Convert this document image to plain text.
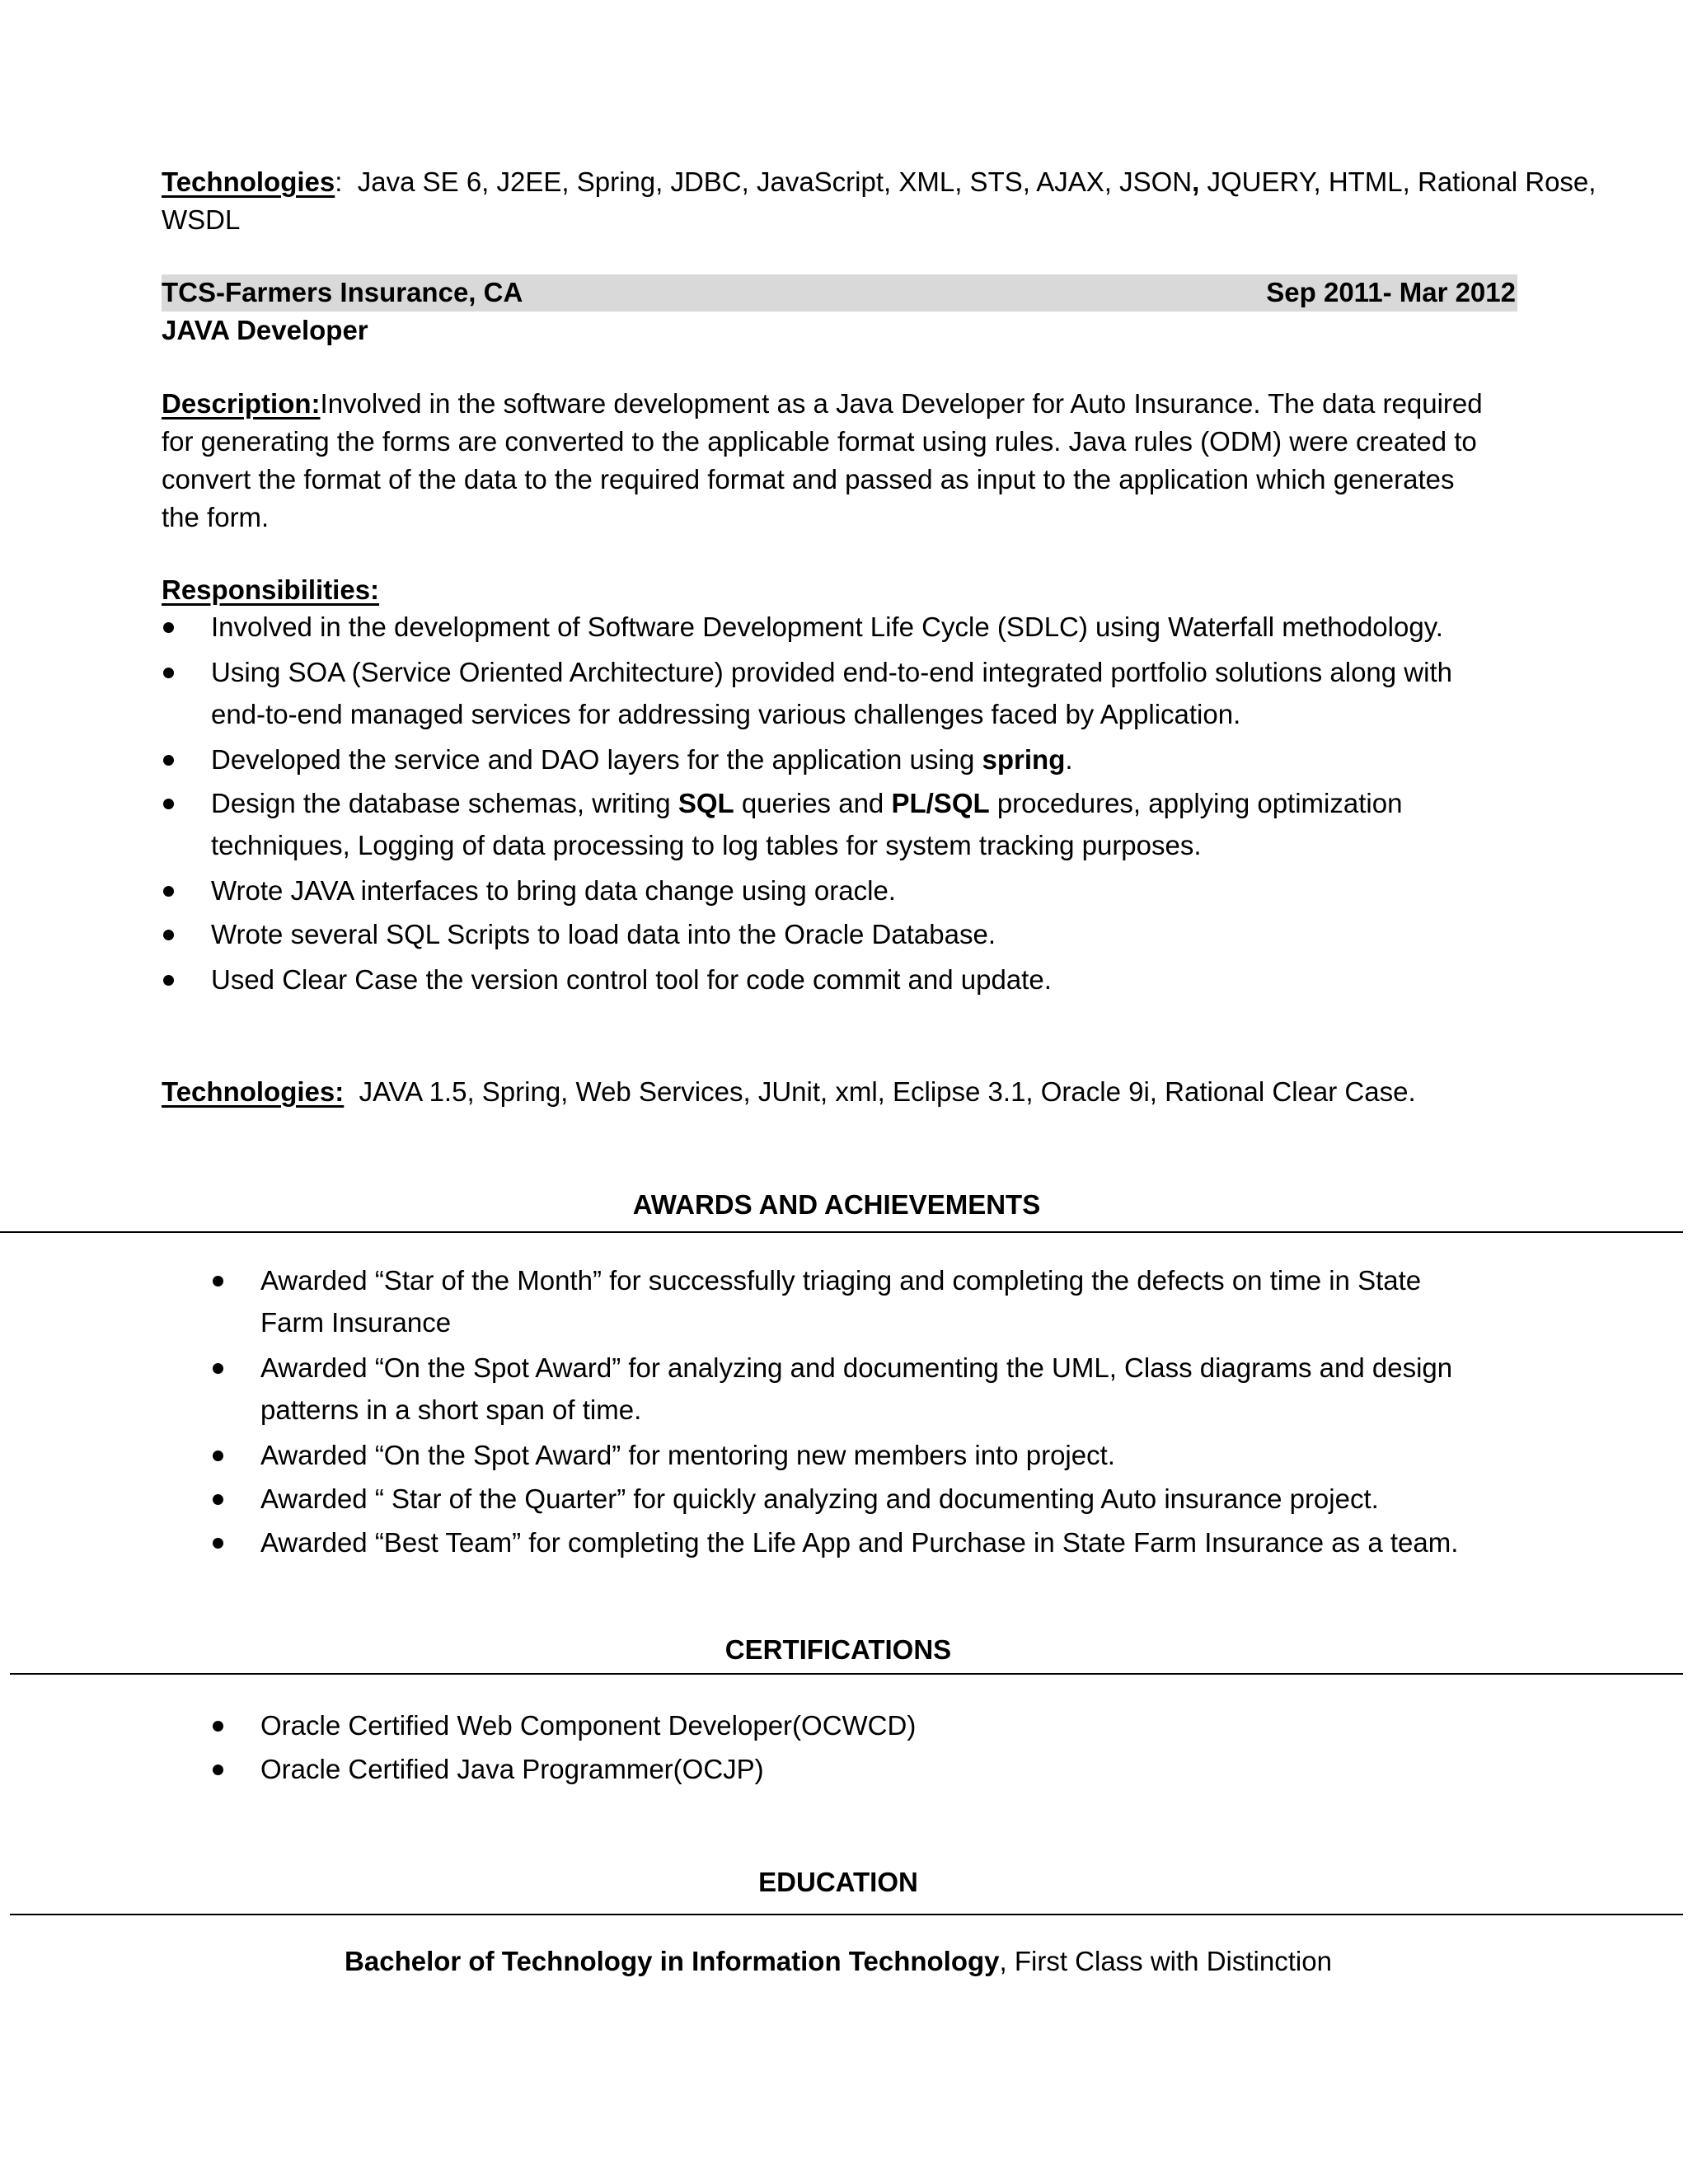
Technologies: Java SE 6, J2EE, Spring, JDBC, JavaScript, XML, STS, AJAX, JSON, JQUERY, HTML, Rational Rose,
WSDL
TCS-Farmers Insurance, CA	Sep 2011- Mar 2012
JAVA Developer
Description:Involved in the software development as a Java Developer for Auto Insurance. The data required
for generating the forms are converted to the applicable format using rules. Java rules (ODM) were created to
convert the format of the data to the required format and passed as input to the application which generates
the form.
Responsibilities:
Involved in the development of Software Development Life Cycle (SDLC) using Waterfall methodology.
Using SOA (Service Oriented Architecture) provided end-to-end integrated portfolio solutions along with
end-to-end managed services for addressing various challenges faced by Application.
Developed the service and DAO layers for the application using spring.
Design the database schemas, writing SQL queries and PL/SQL procedures, applying optimization
techniques, Logging of data processing to log tables for system tracking purposes.
Wrote JAVA interfaces to bring data change using oracle.
Wrote several SQL Scripts to load data into the Oracle Database.
Used Clear Case the version control tool for code commit and update.
Technologies: JAVA 1.5, Spring, Web Services, JUnit, xml, Eclipse 3.1, Oracle 9i, Rational Clear Case.
AWARDS AND ACHIEVEMENTS
Awarded “Star of the Month” for successfully triaging and completing the defects on time in State
Farm Insurance
Awarded “On the Spot Award” for analyzing and documenting the UML, Class diagrams and design
patterns in a short span of time.
Awarded “On the Spot Award” for mentoring new members into project.
Awarded “ Star of the Quarter” for quickly analyzing and documenting Auto insurance project.
Awarded “Best Team” for completing the Life App and Purchase in State Farm Insurance as a team.
CERTIFICATIONS
Oracle Certified Web Component Developer(OCWCD)
Oracle Certified Java Programmer(OCJP)
EDUCATION
Bachelor of Technology in Information Technology, First Class with Distinction
